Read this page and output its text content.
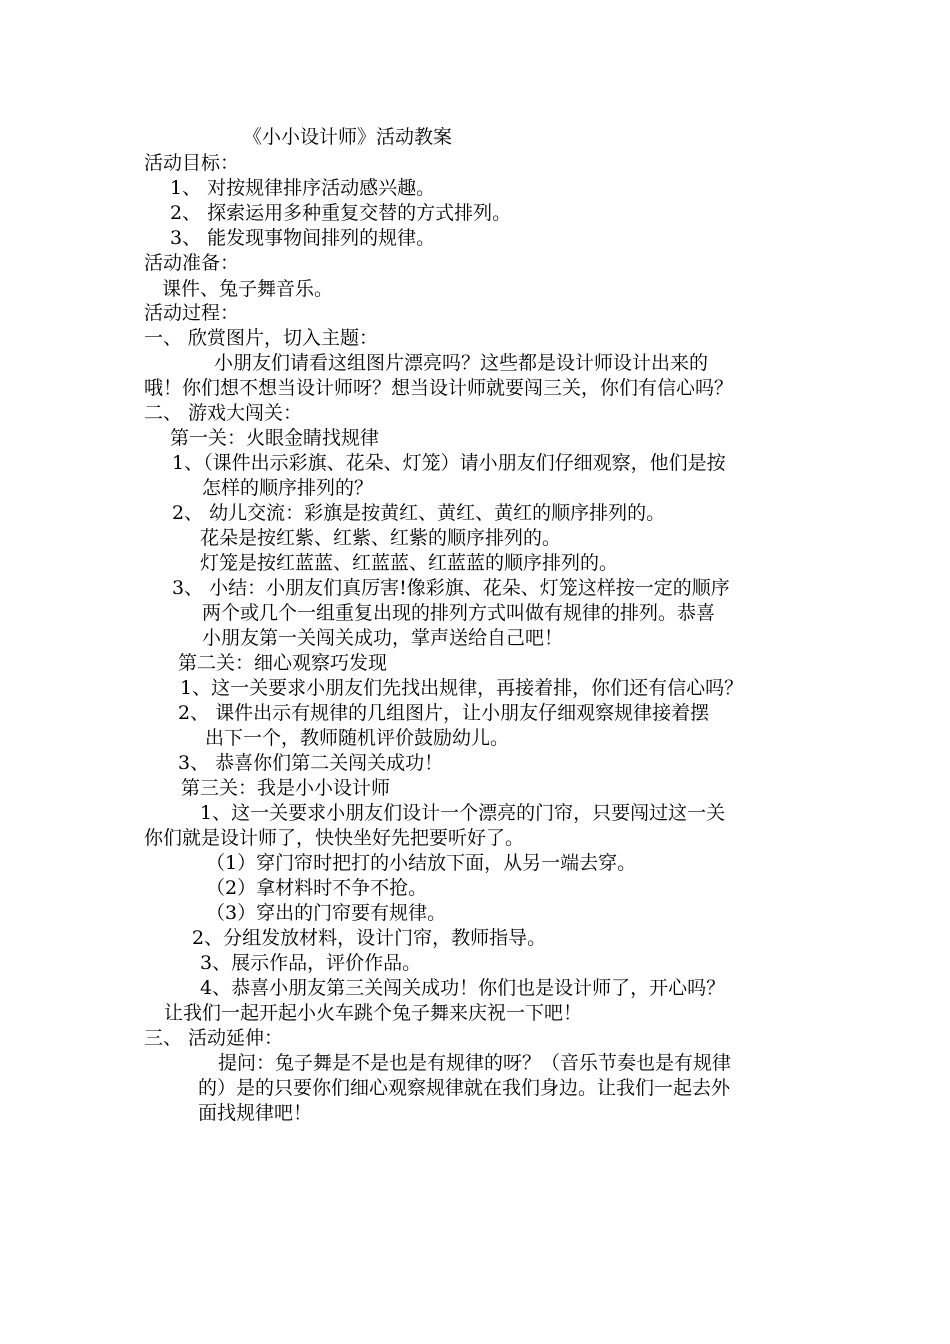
《小小设计师》活动教案
活动目标：
1、 对按规律排序活动感兴趣。
2、 探索运用多种重复交替的方式排列。
3、 能发现事物间排列的规律。
活动准备：
课件、兔子舞音乐。
活动过程：
一、 欣赏图片，切入主题：
小朋友们请看这组图片漂亮吗？这些都是设计师设计出来的
哦！你们想不想当设计师呀？想当设计师就要闯三关，你们有信心吗？
二、 游戏大闯关：
第一关：火眼金睛找规律
1、（课件出示彩旗、花朵、灯笼）请小朋友们仔细观察，他们是按
怎样的顺序排列的？
2、 幼儿交流：彩旗是按黄红、黄红、黄红的顺序排列的。
花朵是按红紫、红紫、红紫的顺序排列的。
灯笼是按红蓝蓝、红蓝蓝、红蓝蓝的顺序排列的。
3、 小结：小朋友们真厉害!像彩旗、花朵、灯笼这样按一定的顺序
两个或几个一组重复出现的排列方式叫做有规律的排列。恭喜
小朋友第一关闯关成功，掌声送给自己吧！
第二关：细心观察巧发现
1、这一关要求小朋友们先找出规律，再接着排，你们还有信心吗？
2、 课件出示有规律的几组图片，让小朋友仔细观察规律接着摆
出下一个，教师随机评价鼓励幼儿。
3、 恭喜你们第二关闯关成功！
第三关：我是小小设计师
1、这一关要求小朋友们设计一个漂亮的门帘，只要闯过这一关
你们就是设计师了，快快坐好先把要听好了。
（1）穿门帘时把打的小结放下面，从另一端去穿。
（2）拿材料时不争不抢。
（3）穿出的门帘要有规律。
2、分组发放材料，设计门帘，教师指导。
3、展示作品，评价作品。
4、恭喜小朋友第三关闯关成功！你们也是设计师了，开心吗？
让我们一起开起小火车跳个兔子舞来庆祝一下吧！
三、 活动延伸：
提问：兔子舞是不是也是有规律的呀？（音乐节奏也是有规律
的）是的只要你们细心观察规律就在我们身边。让我们一起去外
面找规律吧！
